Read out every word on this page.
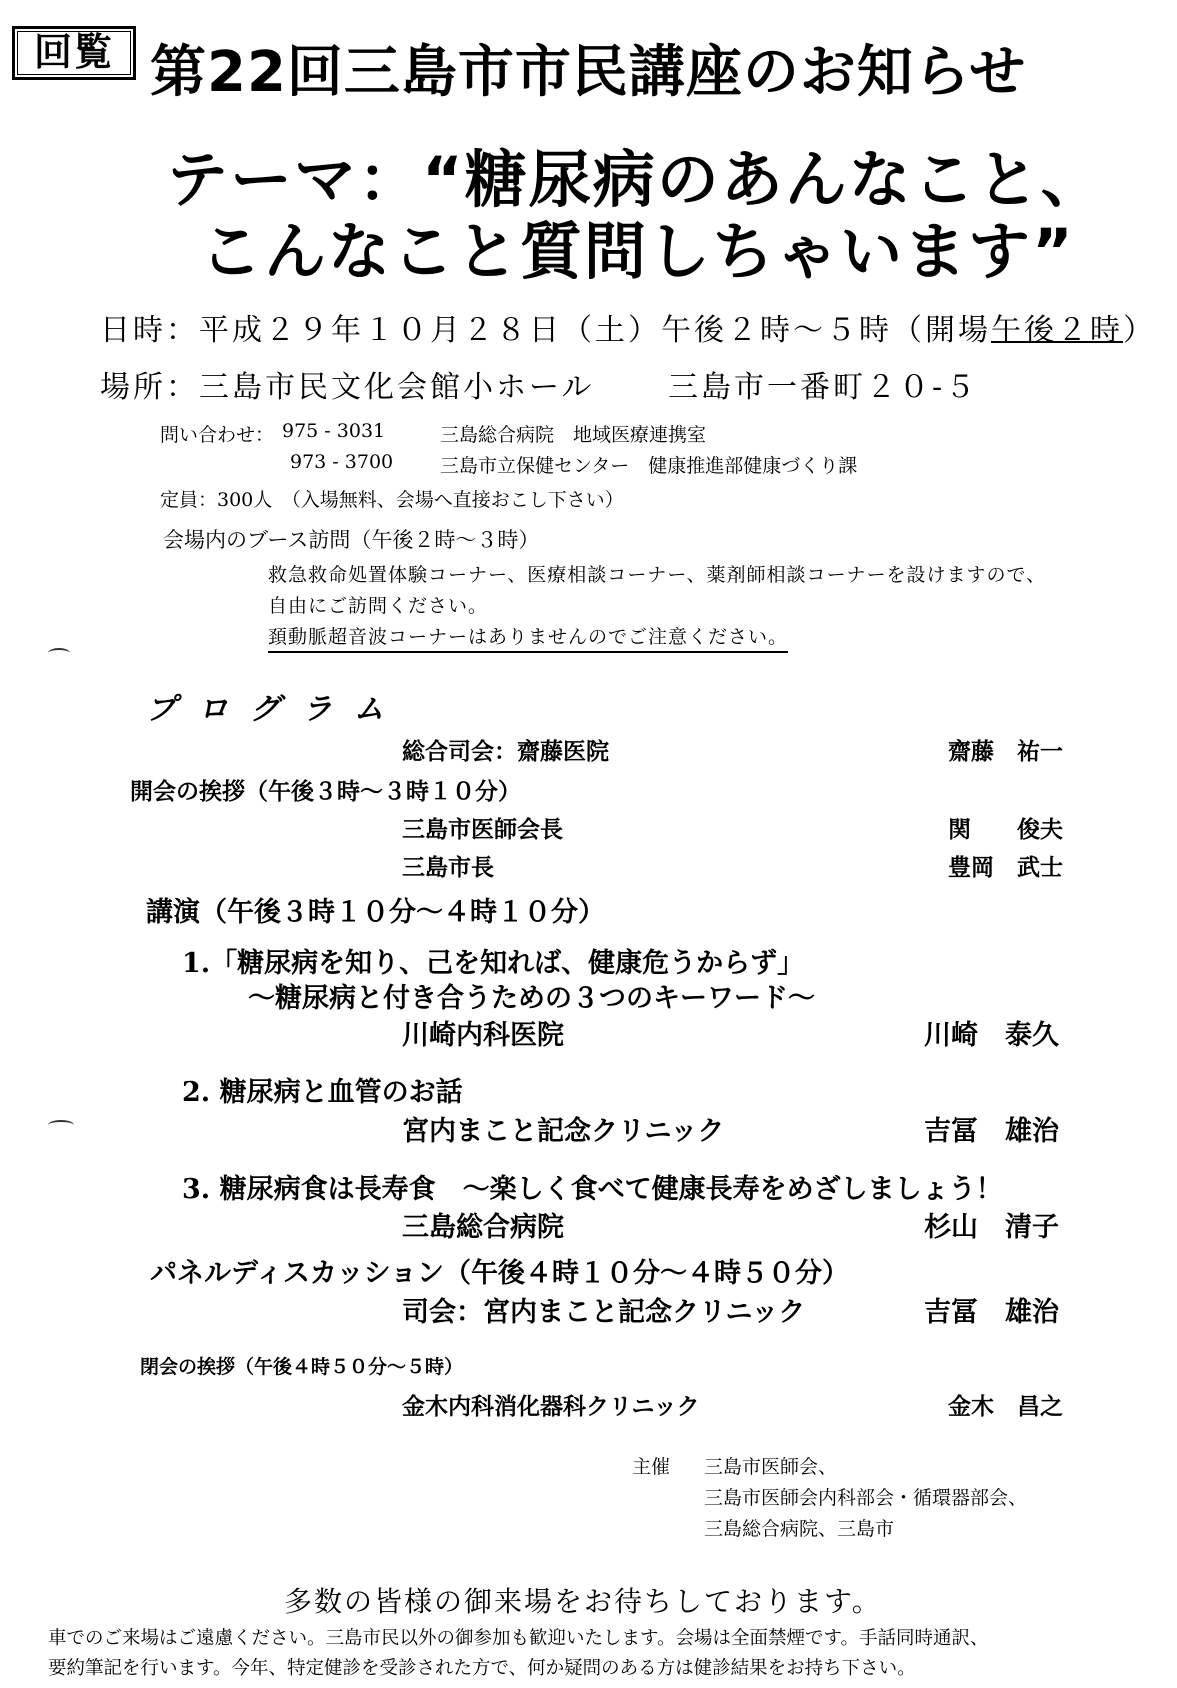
回覧 第22回三島市市民講座のお知らせ
テーマ：“糖尿病のあんなこと、
こんなこと質問しちゃいます”
日時：平成２９年１０月２８日（土）午後２時～５時（開場午後２時）
場所：三島市民文化会館小ホール 三島市一番町２０-５
問い合わせ： 975 - 3031	三島総合病院　地域医療連携室
973 - 3700 三島市立保健センター　健康推進部健康づくり課
定員：300人　（入場無料、会場へ直接おこし下さい）
会場内のブース訪問（午後２時～３時）
救急救命処置体験コーナー、医療相談コーナー、薬剤師相談コーナーを設けますので、
自由にご訪問ください。
頚動脈超音波コーナーはありませんのでご注意ください。
プログラム
総合司会：齋藤医院	齋藤　祐一
開会の挨拶（午後３時～３時１０分）
三島市医師会長	関　　俊夫
三島市長	豊岡　武士
講演（午後３時１０分～４時１０分）
1.「糖尿病を知り、己を知れば、健康危うからず」
～糖尿病と付き合うための３つのキーワード～
川崎内科医院	川崎　泰久
2. 糖尿病と血管のお話
宮内まこと記念クリニック	吉冨　雄治
3. 糖尿病食は長寿食　～楽しく食べて健康長寿をめざしましょう！
三島総合病院	杉山　清子
パネルディスカッション（午後４時１０分～４時５０分）
司会：宮内まこと記念クリニック	吉冨　雄治
閉会の挨拶（午後４時５０分～５時）
金木内科消化器科クリニック	金木　昌之
主催 三島市医師会、
三島市医師会内科部会・循環器部会、
三島総合病院、三島市
多数の皆様の御来場をお待ちしております。
車でのご来場はご遠慮ください。三島市民以外の御参加も歓迎いたします。会場は全面禁煙です。手話同時通訳、
要約筆記を行います。今年、特定健診を受診された方で、何か疑問のある方は健診結果をお持ち下さい。
